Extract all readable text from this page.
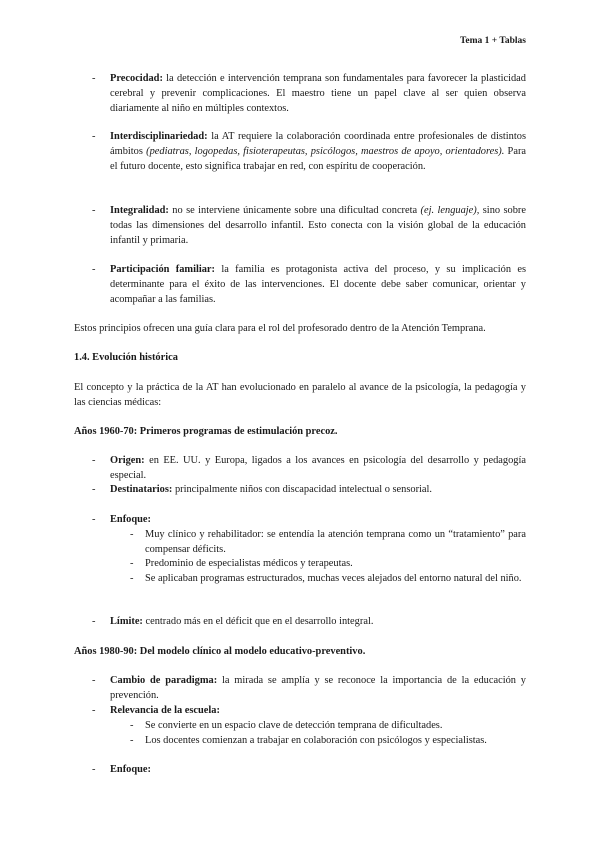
Tema 1 + Tablas
- Precocidad: la detección e intervención temprana son fundamentales para favorecer la plasticidad cerebral y prevenir complicaciones. El maestro tiene un papel clave al ser quien observa diariamente al niño en múltiples contextos.
- Interdisciplinariedad: la AT requiere la colaboración coordinada entre profesionales de distintos ámbitos (pediatras, logopedas, fisioterapeutas, psicólogos, maestros de apoyo, orientadores). Para el futuro docente, esto significa trabajar en red, con espíritu de cooperación.
- Integralidad: no se interviene únicamente sobre una dificultad concreta (ej. lenguaje), sino sobre todas las dimensiones del desarrollo infantil. Esto conecta con la visión global de la educación infantil y primaria.
- Participación familiar: la familia es protagonista activa del proceso, y su implicación es determinante para el éxito de las intervenciones. El docente debe saber comunicar, orientar y acompañar a las familias.
Estos principios ofrecen una guía clara para el rol del profesorado dentro de la Atención Temprana.
1.4. Evolución histórica
El concepto y la práctica de la AT han evolucionado en paralelo al avance de la psicología, la pedagogía y las ciencias médicas:
Años 1960-70: Primeros programas de estimulación precoz.
- Origen: en EE. UU. y Europa, ligados a los avances en psicología del desarrollo y pedagogía especial.
- Destinatarios: principalmente niños con discapacidad intelectual o sensorial.
- Enfoque:
- Muy clínico y rehabilitador: se entendía la atención temprana como un “tratamiento” para compensar déficits.
- Predominio de especialistas médicos y terapeutas.
- Se aplicaban programas estructurados, muchas veces alejados del entorno natural del niño.
- Límite: centrado más en el déficit que en el desarrollo integral.
Años 1980-90: Del modelo clínico al modelo educativo-preventivo.
- Cambio de paradigma: la mirada se amplía y se reconoce la importancia de la educación y prevención.
- Relevancia de la escuela:
- Se convierte en un espacio clave de detección temprana de dificultades.
- Los docentes comienzan a trabajar en colaboración con psicólogos y especialistas.
- Enfoque:
